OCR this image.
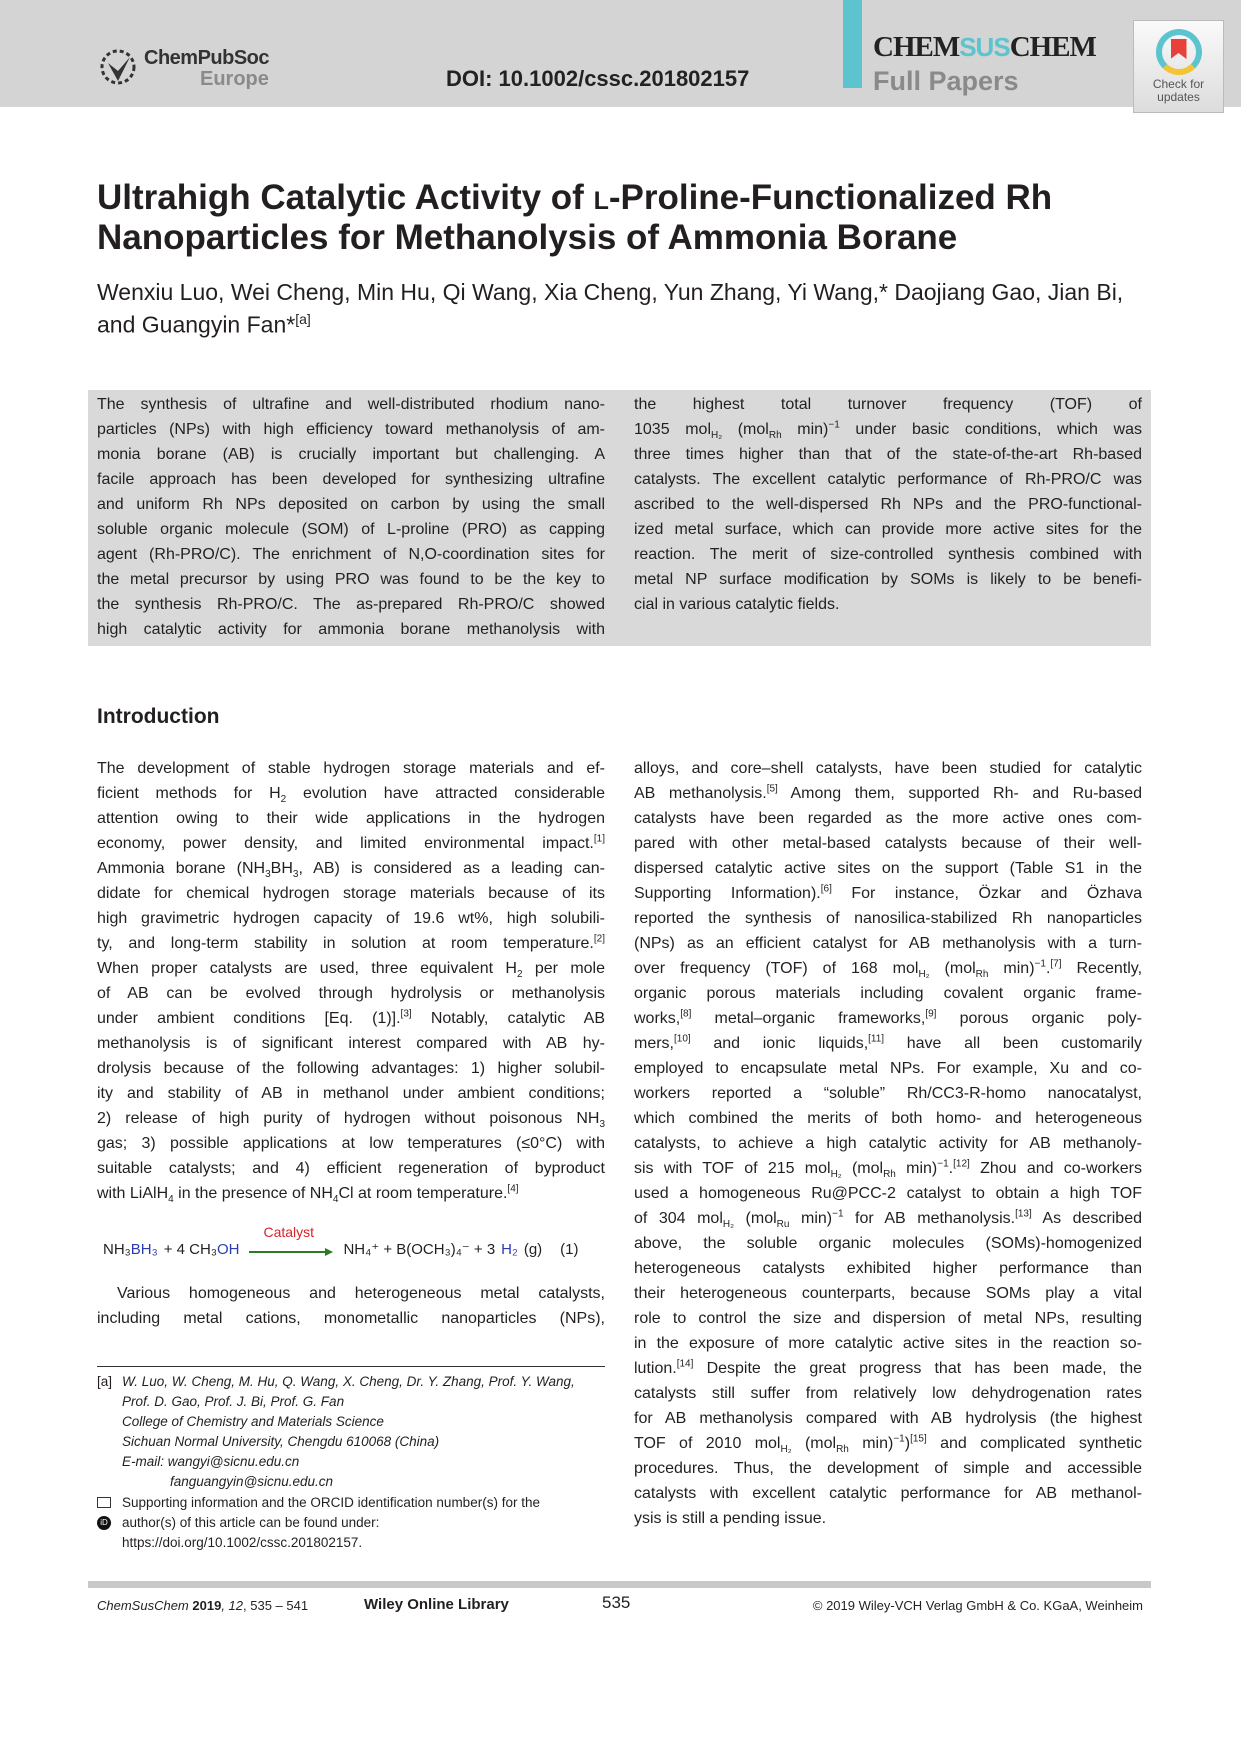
ChemPubSoc
Europe	DOI: 10.1002/cssc.201802157
CHEMSUSCHEM
Full Papers	Check for updates
Ultrahigh Catalytic Activity of l-Proline-Functionalized Rh Nanoparticles for Methanolysis of Ammonia Borane
Wenxiu Luo, Wei Cheng, Min Hu, Qi Wang, Xia Cheng, Yun Zhang, Yi Wang,* Daojiang Gao, Jian Bi, and Guangyin Fan*[a]
The synthesis of ultrafine and well-distributed rhodium nano-
particles (NPs) with high efficiency toward methanolysis of am-
monia borane (AB) is crucially important but challenging. A
facile approach has been developed for synthesizing ultrafine
and uniform Rh NPs deposited on carbon by using the small
soluble organic molecule (SOM) of L-proline (PRO) as capping
agent (Rh-PRO/C). The enrichment of N,O-coordination sites for
the metal precursor by using PRO was found to be the key to
the synthesis Rh-PRO/C. The as-prepared Rh-PRO/C showed
high catalytic activity for ammonia borane methanolysis with
the highest total turnover frequency (TOF) of
1035 mol$_{H_2}$ (mol$_{Rh}$ min)$^{-1}$ under basic conditions, which was
three times higher than that of the state-of-the-art Rh-based
catalysts. The excellent catalytic performance of Rh-PRO/C was
ascribed to the well-dispersed Rh NPs and the PRO-functional-
ized metal surface, which can provide more active sites for the
reaction. The merit of size-controlled synthesis combined with
metal NP surface modification by SOMs is likely to be benefi-
cial in various catalytic fields.
Introduction
The development of stable hydrogen storage materials and ef-
ficient methods for $H_2$ evolution have attracted considerable
attention owing to their wide applications in the hydrogen
economy, power density, and limited environmental impact.[1]
Ammonia borane ($NH_3BH_3$, AB) is considered as a leading can-
didate for chemical hydrogen storage materials because of its
high gravimetric hydrogen capacity of 19.6 wt%, high solubili-
ty, and long-term stability in solution at room temperature.[2]
When proper catalysts are used, three equivalent $H_2$ per mole
of AB can be evolved through hydrolysis or methanolysis
under ambient conditions [Eq. (1)].[3] Notably, catalytic AB
methanolysis is of significant interest compared with AB hy-
drolysis because of the following advantages: 1) higher solubil-
ity and stability of AB in methanol under ambient conditions;
2) release of high purity of hydrogen without poisonous $NH_3$
gas; 3) possible applications at low temperatures (≤0°C) with
suitable catalysts; and 4) efficient regeneration of byproduct
with LiAlH$_4$ in the presence of $NH_4Cl$ at room temperature.[4]
NH₃ BH₃ + 4 CH₃ OH
Catalyst
NH₄⁺ + B(OCH₃)₄⁻ + 3 H₂ (g) (1)
Various homogeneous and heterogeneous metal catalysts,
including metal cations, monometallic nanoparticles (NPs),
alloys, and core–shell catalysts, have been studied for catalytic
AB methanolysis.[5] Among them, supported Rh- and Ru-based
catalysts have been regarded as the more active ones com-
pared with other metal-based catalysts because of their well-
dispersed catalytic active sites on the support (Table S1 in the
Supporting Information).[6] For instance, Özkar and Özhava
reported the synthesis of nanosilica-stabilized Rh nanoparticles
(NPs) as an efficient catalyst for AB methanolysis with a turn-
over frequency (TOF) of 168 mol$_{H_2}$ (mol$_{Rh}$ min)$^{-1}$.[7] Recently,
organic porous materials including covalent organic frame-
works,[8] metal–organic frameworks,[9] porous organic poly-
mers,[10] and ionic liquids,[11] have all been customarily
employed to encapsulate metal NPs. For example, Xu and co-
workers reported a “soluble” Rh/CC3-R-homo nanocatalyst,
which combined the merits of both homo- and heterogeneous
catalysts, to achieve a high catalytic activity for AB methanoly-
sis with TOF of 215 mol$_{H_2}$ (mol$_{Rh}$ min)$^{-1}$.[12] Zhou and co-workers
used a homogeneous Ru@PCC-2 catalyst to obtain a high TOF
of 304 mol$_{H_2}$ (mol$_{Ru}$ min)$^{-1}$ for AB methanolysis.[13] As described
above, the soluble organic molecules (SOMs)-homogenized
heterogeneous catalysts exhibited higher performance than
their heterogeneous counterparts, because SOMs play a vital
role to control the size and dispersion of metal NPs, resulting
in the exposure of more catalytic active sites in the reaction so-
lution.[14] Despite the great progress that has been made, the
catalysts still suffer from relatively low dehydrogenation rates
for AB methanolysis compared with AB hydrolysis (the highest
TOF of 2010 mol$_{H_2}$ (mol$_{Rh}$ min)$^{-1}$)[15] and complicated synthetic
procedures. Thus, the development of simple and accessible
catalysts with excellent catalytic performance for AB methanol-
ysis is still a pending issue.
[a] W. Luo, W. Cheng, M. Hu, Q. Wang, X. Cheng, Dr. Y. Zhang, Prof. Y. Wang,
Prof. D. Gao, Prof. J. Bi, Prof. G. Fan
College of Chemistry and Materials Science
Sichuan Normal University, Chengdu 610068 (China)
E-mail: wangyi@sicnu.edu.cn
fanguangyin@sicnu.edu.cn
iD
Supporting information and the ORCID identification number(s) for the
author(s) of this article can be found under:
https://doi.org/10.1002/cssc.201802157.
ChemSusChem 2019, 12, 535 – 541	Wiley Online Library	535	© 2019 Wiley-VCH Verlag GmbH & Co. KGaA, Weinheim
